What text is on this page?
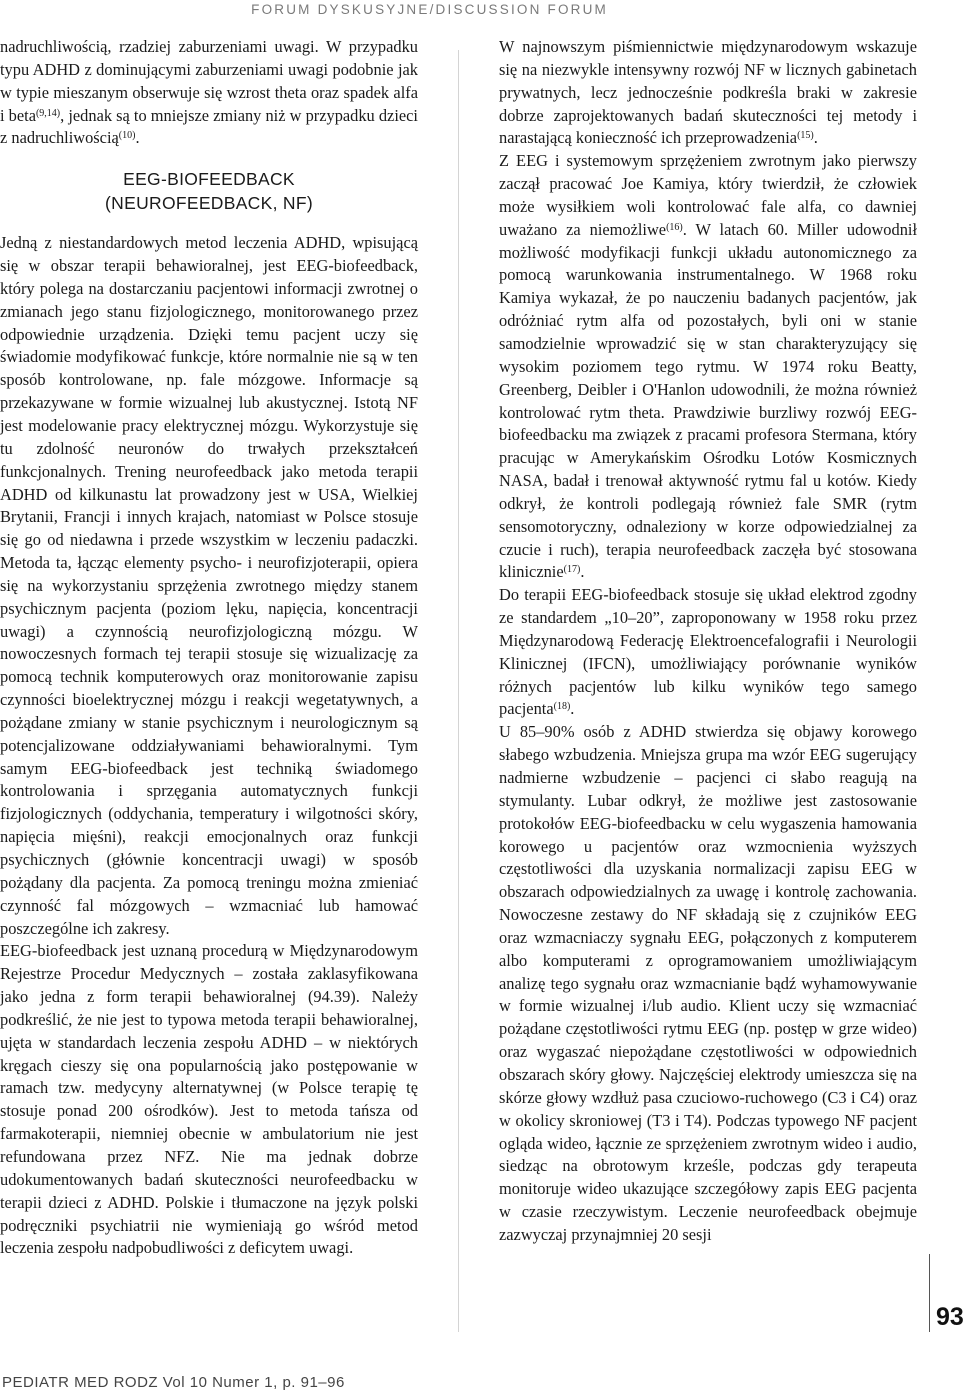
FORUM DYSKUSYJNE/DISCUSSION FORUM

nadruchliwością, rzadziej zaburzeniami uwagi. W przypadku typu ADHD z dominującymi zaburzeniami uwagi podobnie jak w typie mieszanym obserwuje się wzrost theta oraz spadek alfa i beta$^{(9,14)}$, jednak są to mniejsze zmiany niż w przypadku dzieci z nadruchliwością$^{(10)}$.

EEG-BIOFEEDBACK
(NEUROFEEDBACK, NF)

Jedną z niestandardowych metod leczenia ADHD, wpisującą się w obszar terapii behawioralnej, jest EEG-biofeedback, który polega na dostarczaniu pacjentowi informacji zwrotnej o zmianach jego stanu fizjologicznego, monitorowanego przez odpowiednie urządzenia. Dzięki temu pacjent uczy się świadomie modyfikować funkcje, które normalnie nie są w ten sposób kontrolowane, np. fale mózgowe. Informacje są przekazywane w formie wizualnej lub akustycznej. Istotą NF jest modelowanie pracy elektrycznej mózgu. Wykorzystuje się tu zdolność neuronów do trwałych przekształceń funkcjonalnych. Trening neurofeedback jako metoda terapii ADHD od kilkunastu lat prowadzony jest w USA, Wielkiej Brytanii, Francji i innych krajach, natomiast w Polsce stosuje się go od niedawna i przede wszystkim w leczeniu padaczki. Metoda ta, łącząc elementy psycho- i neurofizjoterapii, opiera się na wykorzystaniu sprzężenia zwrotnego między stanem psychicznym pacjenta (poziom lęku, napięcia, koncentracji uwagi) a czynnością neurofizjologiczną mózgu. W nowoczesnych formach tej terapii stosuje się wizualizację za pomocą technik komputerowych oraz monitorowanie zapisu czynności bioelektrycznej mózgu i reakcji wegetatywnych, a pożądane zmiany w stanie psychicznym i neurologicznym są potencjalizowane oddziaływaniami behawioralnymi. Tym samym EEG-biofeedback jest techniką świadomego kontrolowania i sprzęgania automatycznych funkcji fizjologicznych (oddychania, temperatury i wilgotności skóry, napięcia mięśni), reakcji emocjonalnych oraz funkcji psychicznych (głównie koncentracji uwagi) w sposób pożądany dla pacjenta. Za pomocą treningu można zmieniać czynność fal mózgowych – wzmacniać lub hamować poszczególne ich zakresy.

EEG-biofeedback jest uznaną procedurą w Międzynarodowym Rejestrze Procedur Medycznych – została zaklasyfikowana jako jedna z form terapii behawioralnej (94.39). Należy podkreślić, że nie jest to typowa metoda terapii behawioralnej, ujęta w standardach leczenia zespołu ADHD – w niektórych kręgach cieszy się ona popularnością jako postępowanie w ramach tzw. medycyny alternatywnej (w Polsce terapię tę stosuje ponad 200 ośrodków). Jest to metoda tańsza od farmakoterapii, niemniej obecnie w ambulatorium nie jest refundowana przez NFZ. Nie ma jednak dobrze udokumentowanych badań skuteczności neurofeedbacku w terapii dzieci z ADHD. Polskie i tłumaczone na język polski podręczniki psychiatrii nie wymieniają go wśród metod leczenia zespołu nadpobudliwości z deficytem uwagi.

W najnowszym piśmiennictwie międzynarodowym wskazuje się na niezwykle intensywny rozwój NF w licznych gabinetach prywatnych, lecz jednocześnie podkreśla braki w zakresie dobrze zaprojektowanych badań skuteczności tej metody i narastającą konieczność ich przeprowadzenia$^{(15)}$.

Z EEG i systemowym sprzężeniem zwrotnym jako pierwszy zaczął pracować Joe Kamiya, który twierdził, że człowiek może wysiłkiem woli kontrolować fale alfa, co dawniej uważano za niemożliwe$^{(16)}$. W latach 60. Miller udowodnił możliwość modyfikacji funkcji układu autonomicznego za pomocą warunkowania instrumentalnego. W 1968 roku Kamiya wykazał, że po nauczeniu badanych pacjentów, jak odróżniać rytm alfa od pozostałych, byli oni w stanie samodzielnie wprowadzić się w stan charakteryzujący się wysokim poziomem tego rytmu. W 1974 roku Beatty, Greenberg, Deibler i O'Hanlon udowodnili, że można również kontrolować rytm theta. Prawdziwie burzliwy rozwój EEG-biofeedbacku ma związek z pracami profesora Stermana, który pracując w Amerykańskim Ośrodku Lotów Kosmicznych NASA, badał i trenował aktywność rytmu fal u kotów. Kiedy odkrył, że kontroli podlegają również fale SMR (rytm sensomotoryczny, odnaleziony w korze odpowiedzialnej za czucie i ruch), terapia neurofeedback zaczęła być stosowana klinicznie$^{(17)}$.

Do terapii EEG-biofeedback stosuje się układ elektrod zgodny ze standardem „10–20”, zaproponowany w 1958 roku przez Międzynarodową Federację Elektroencefalografii i Neurologii Klinicznej (IFCN), umożliwiający porównanie wyników różnych pacjentów lub kilku wyników tego samego pacjenta$^{(18)}$.

U 85–90% osób z ADHD stwierdza się objawy korowego słabego wzbudzenia. Mniejsza grupa ma wzór EEG sugerujący nadmierne wzbudzenie – pacjenci ci słabo reagują na stymulanty. Lubar odkrył, że możliwe jest zastosowanie protokołów EEG-biofeedbacku w celu wygaszenia hamowania korowego u pacjentów oraz wzmocnienia wyższych częstotliwości dla uzyskania normalizacji zapisu EEG w obszarach odpowiedzialnych za uwagę i kontrolę zachowania. Nowoczesne zestawy do NF składają się z czujników EEG oraz wzmacniaczy sygnału EEG, połączonych z komputerem albo komputerami z oprogramowaniem umożliwiającym analizę tego sygnału oraz wzmacnianie bądź wyhamowywanie w formie wizualnej i/lub audio. Klient uczy się wzmacniać pożądane częstotliwości rytmu EEG (np. postęp w grze wideo) oraz wygaszać niepożądane częstotliwości w odpowiednich obszarach skóry głowy. Najczęściej elektrody umieszcza się na skórze głowy wzdłuż pasa czuciowo-ruchowego (C3 i C4) oraz w okolicy skroniowej (T3 i T4). Podczas typowego NF pacjent ogląda wideo, łącznie ze sprzężeniem zwrotnym wideo i audio, siedząc na obrotowym krześle, podczas gdy terapeuta monitoruje wideo ukazujące szczegółowy zapis EEG pacjenta w czasie rzeczywistym. Leczenie neurofeedback obejmuje zazwyczaj przynajmniej 20 sesji

93
PEDIATR MED RODZ Vol 10 Numer 1, p. 91–96
